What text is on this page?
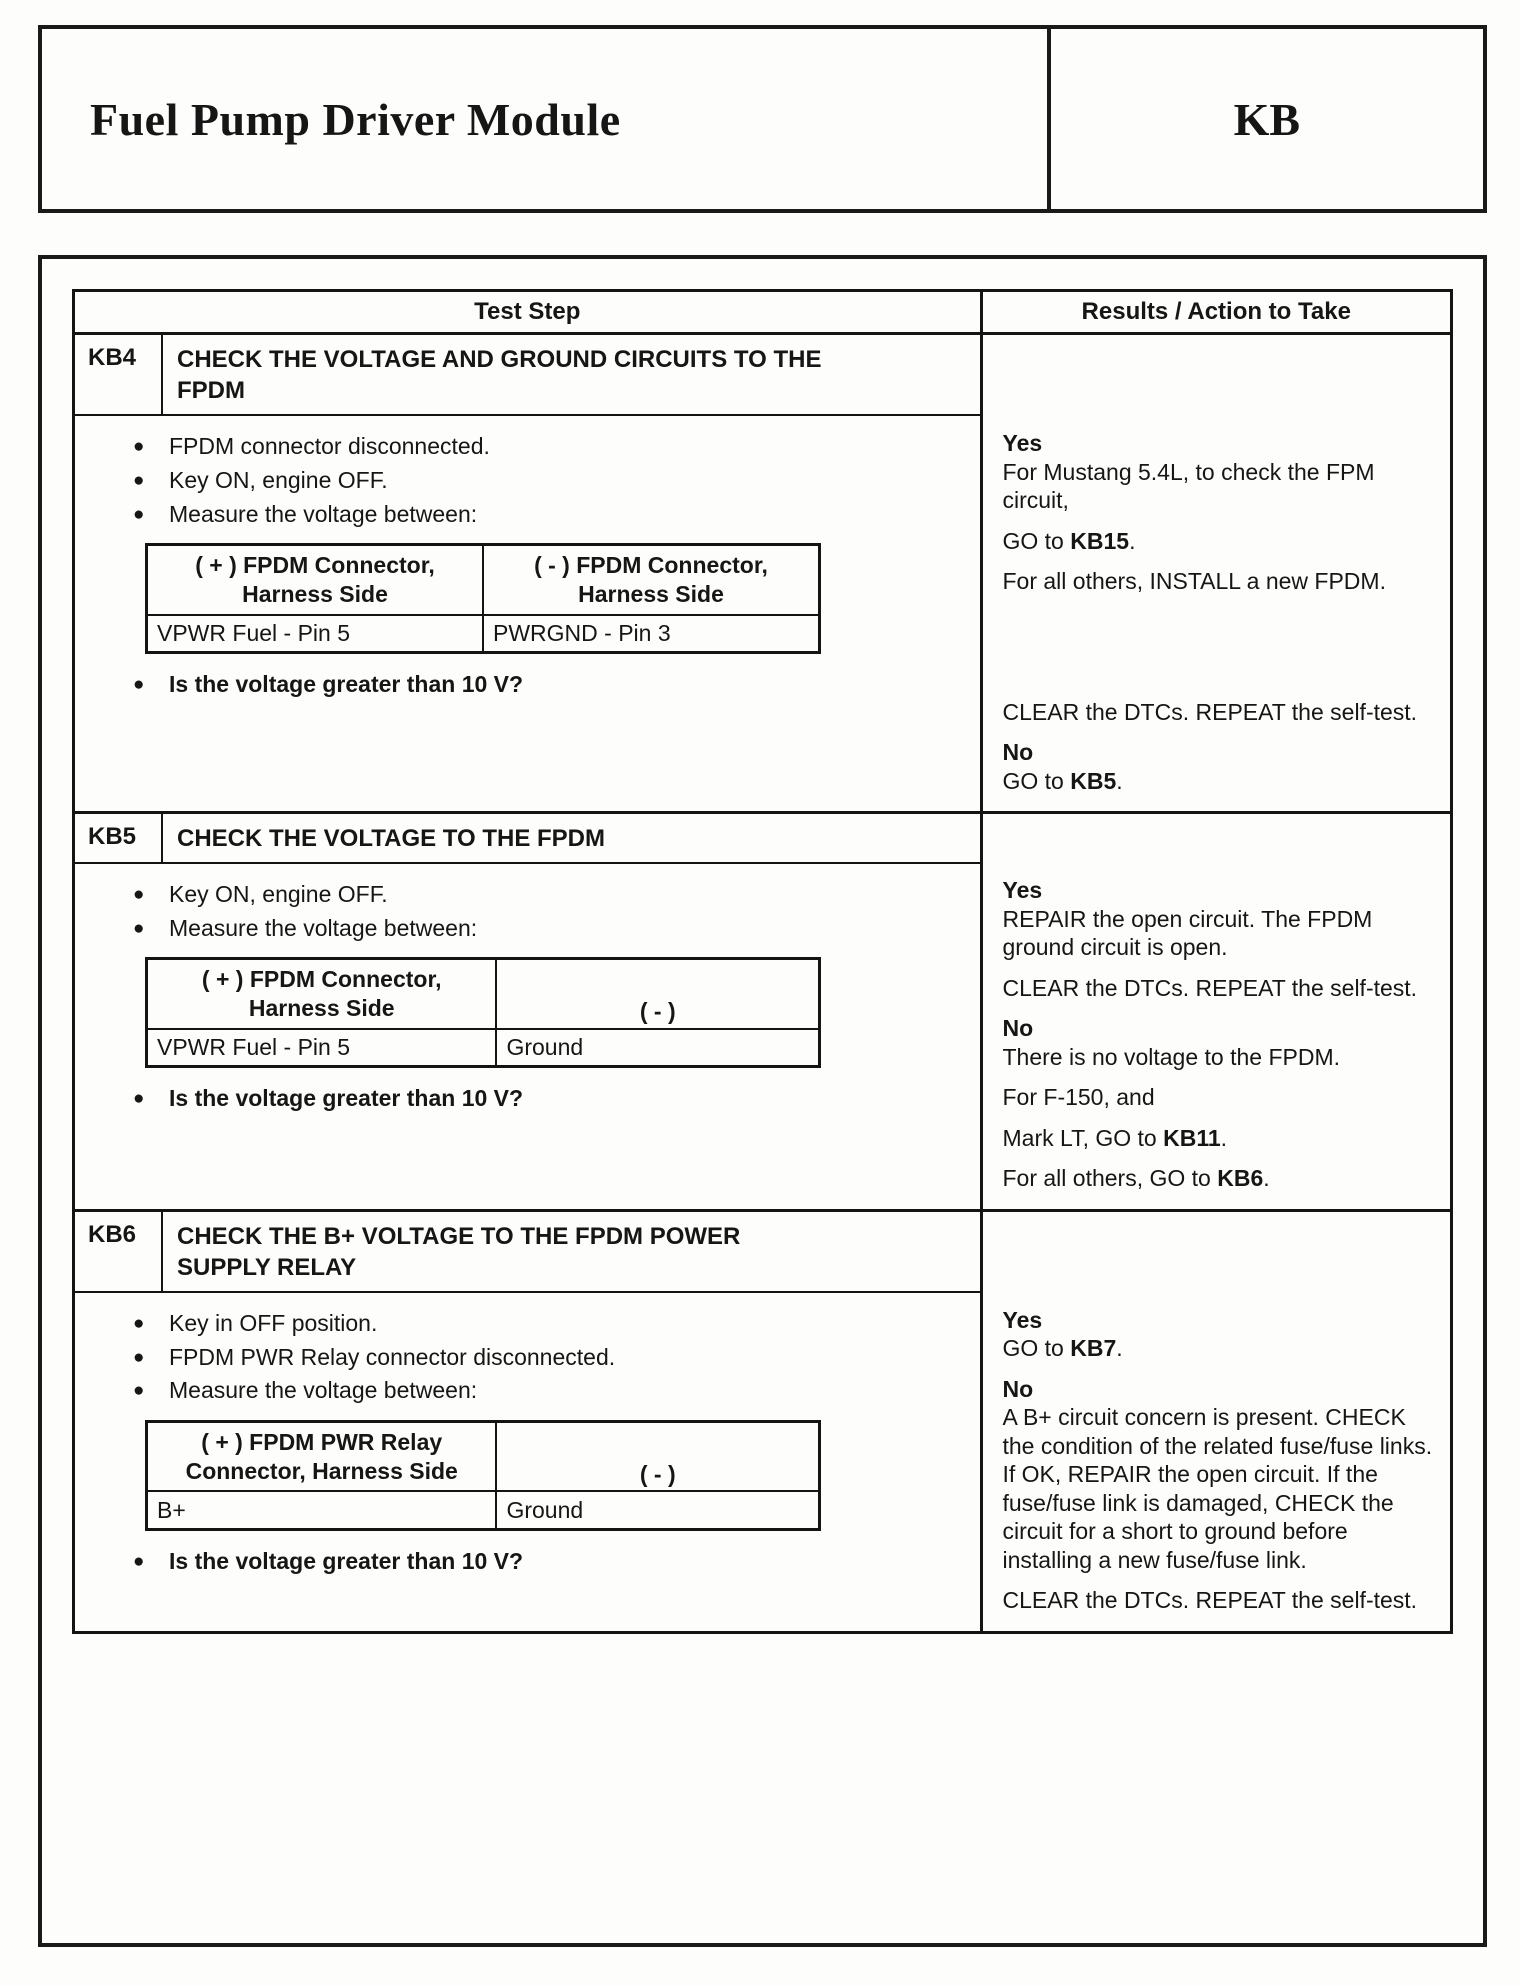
Fuel Pump Driver Module	KB
Test Step	Results / Action to Take
KB4	CHECK THE VOLTAGE AND GROUND CIRCUITS TO THE FPDM
●	FPDM connector disconnected.
●	Key ON, engine OFF.
●	Measure the voltage between:
( + ) FPDM Connector, Harness Side	( - ) FPDM Connector, Harness Side
VPWR Fuel - Pin 5	PWRGND - Pin 3
●	Is the voltage greater than 10 V?

Yes

For Mustang 5.4L, to check the FPM circuit,

GO to KB15.

For all others, INSTALL a new FPDM.

CLEAR the DTCs. REPEAT the self-test.

No

GO to KB5.

KB5	CHECK THE VOLTAGE TO THE FPDM
●	Key ON, engine OFF.
●	Measure the voltage between:
( + ) FPDM Connector, Harness Side	( - )
VPWR Fuel - Pin 5	Ground
●	Is the voltage greater than 10 V?

Yes

REPAIR the open circuit. The FPDM ground circuit is open.

CLEAR the DTCs. REPEAT the self-test.

No

There is no voltage to the FPDM.

For F-150, and

Mark LT, GO to KB11.

For all others, GO to KB6.

KB6	CHECK THE B+ VOLTAGE TO THE FPDM POWER SUPPLY RELAY
●	Key in OFF position.
●	FPDM PWR Relay connector disconnected.
●	Measure the voltage between:
( + ) FPDM PWR Relay Connector, Harness Side	( - )
B+	Ground
●	Is the voltage greater than 10 V?

Yes

GO to KB7.

No

A B+ circuit concern is present. CHECK the condition of the related fuse/fuse links. If OK, REPAIR the open circuit. If the fuse/fuse link is damaged, CHECK the circuit for a short to ground before installing a new fuse/fuse link.

CLEAR the DTCs. REPEAT the self-test.
